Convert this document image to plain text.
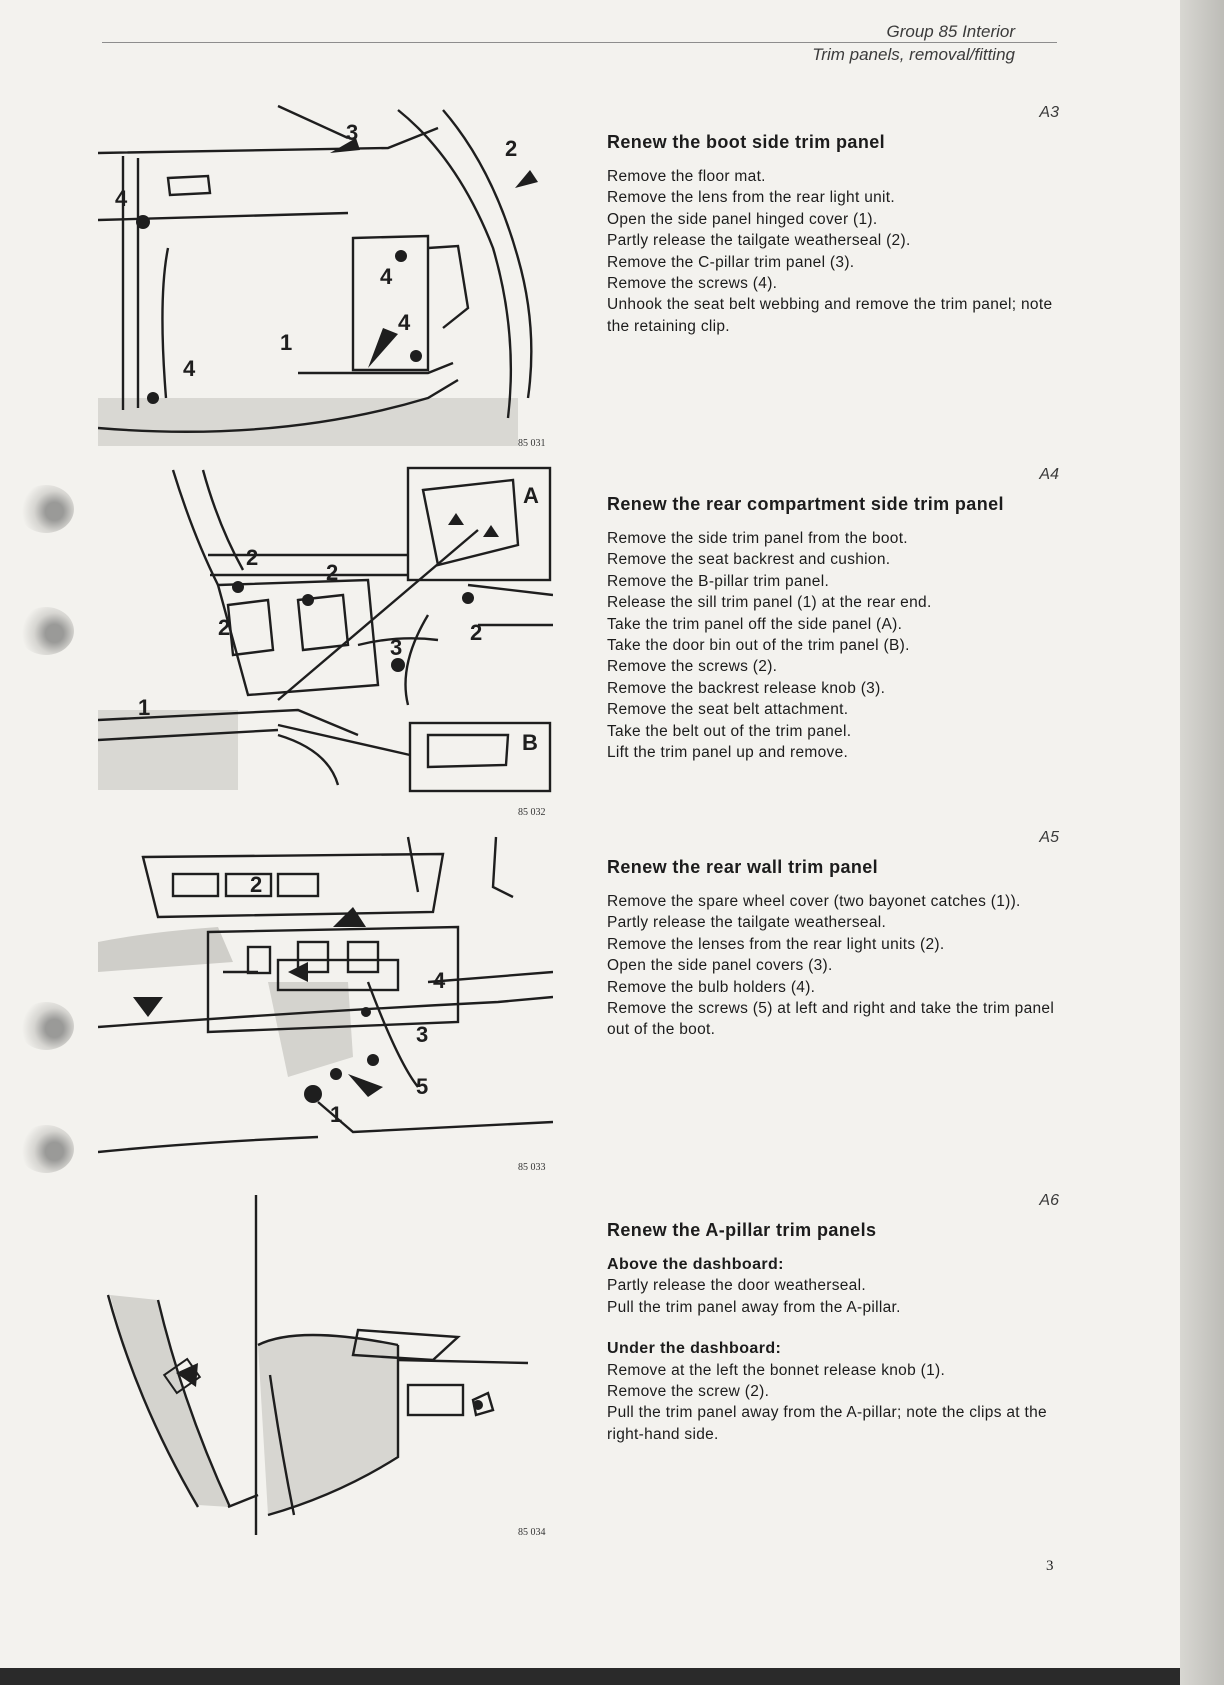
Group 85 Interior
Trim panels, removal/fitting
4
3
2
4
4
1
4
85 031
A
2
2
2
3
2
1
B
85 032
2
4
3
5
1
85 033
85 034
A3
Renew the boot side trim panel
Remove the floor mat.
Remove the lens from the rear light unit.
Open the side panel hinged cover (1).
Partly release the tailgate weatherseal (2).
Remove the C-pillar trim panel (3).
Remove the screws (4).
Unhook the seat belt webbing and remove the trim panel; note the retaining clip.
A4
Renew the rear compartment side trim panel
Remove the side trim panel from the boot.
Remove the seat backrest and cushion.
Remove the B-pillar trim panel.
Release the sill trim panel (1) at the rear end.
Take the trim panel off the side panel (A).
Take the door bin out of the trim panel (B).
Remove the screws (2).
Remove the backrest release knob (3).
Remove the seat belt attachment.
Take the belt out of the trim panel.
Lift the trim panel up and remove.
A5
Renew the rear wall trim panel
Remove the spare wheel cover (two bayonet catches (1)).
Partly release the tailgate weatherseal.
Remove the lenses from the rear light units (2).
Open the side panel covers (3).
Remove the bulb holders (4).
Remove the screws (5) at left and right and take the trim panel out of the boot.
A6
Renew the A-pillar trim panels
Above the dashboard:
Partly release the door weatherseal.
Pull the trim panel away from the A-pillar.
Under the dashboard:
Remove at the left the bonnet release knob (1).
Remove the screw (2).
Pull the trim panel away from the A-pillar; note the clips at the right-hand side.
3
